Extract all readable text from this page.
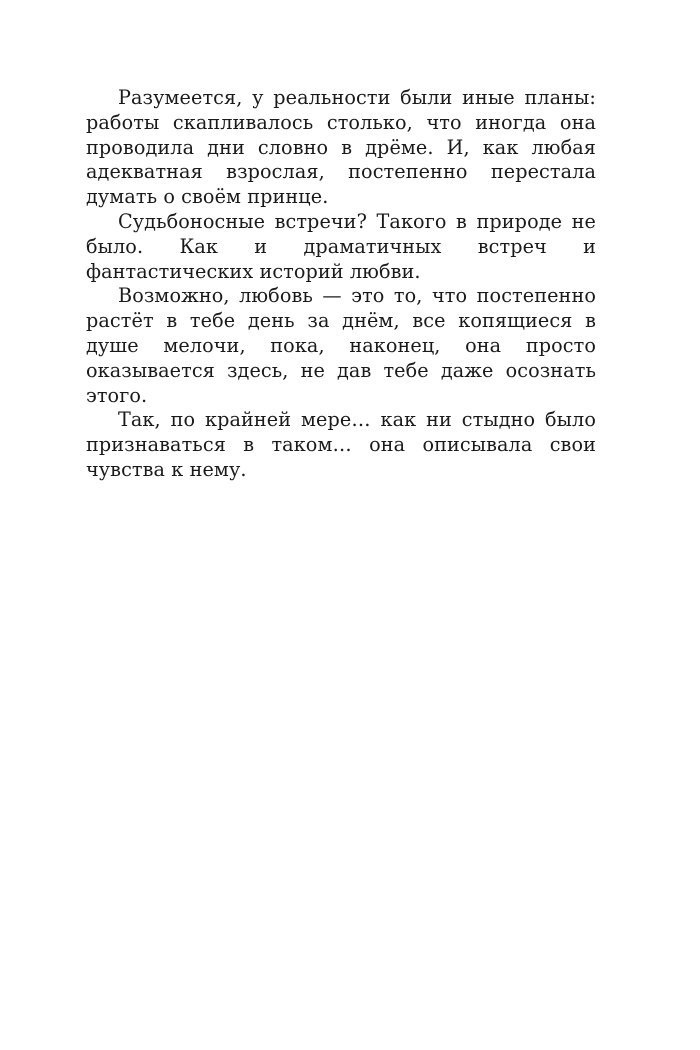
Разумеется, у реальности были иные планы: работы скапливалось столько, что иногда она проводила дни словно в дрёме. И, как любая адекватная взрослая, постепенно перестала думать о своём принце.

Судьбоносные встречи? Такого в природе не было. Как и драматичных встреч и фантастических историй любви.

Возможно, любовь — это то, что постепенно растёт в тебе день за днём, все копящиеся в душе мелочи, пока, наконец, она просто оказывается здесь, не дав тебе даже осознать этого.

Так, по крайней мере… как ни стыдно было признаваться в таком… она описывала свои чувства к нему.
